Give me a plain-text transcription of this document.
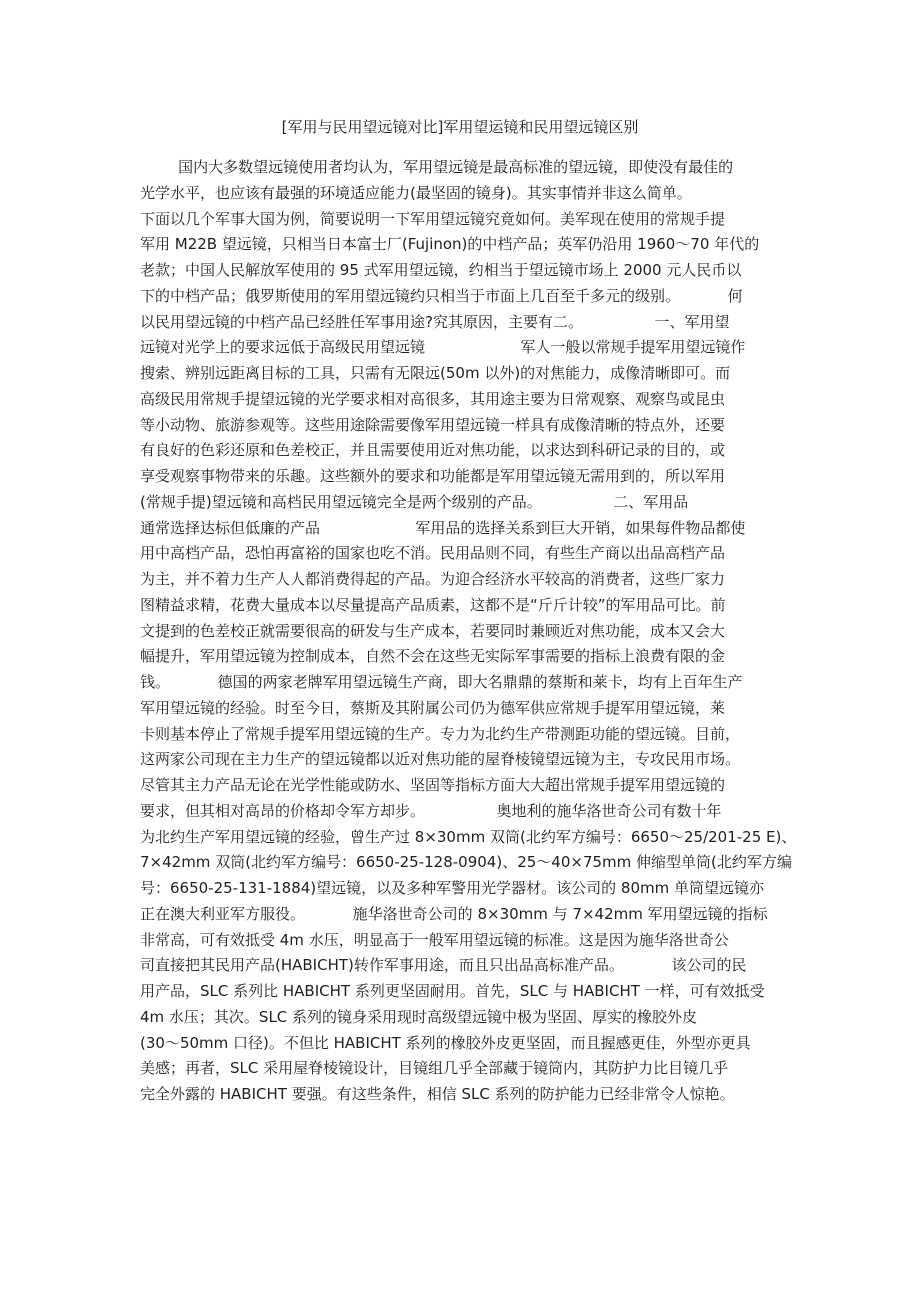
[军用与民用望远镜对比]军用望运镜和民用望远镜区别
国内大多数望远镜使用者均认为，军用望远镜是最高标准的望远镜，即使没有最佳的
光学水平，也应该有最强的环境适应能力(最坚固的镜身)。其实事情并非这么简单。
下面以几个军事大国为例，简要说明一下军用望远镜究竟如何。美军现在使用的常规手提
军用 M22B 望远镜，只相当日本富士厂(Fujinon)的中档产品；英军仍沿用 1960～70 年代的
老款；中国人民解放军使用的 95 式军用望远镜，约相当于望远镜市场上 2000 元人民币以
下的中档产品；俄罗斯使用的军用望远镜约只相当于市面上几百至千多元的级别。          何
以民用望远镜的中档产品已经胜任军事用途?究其原因，主要有二。               一、军用望
远镜对光学上的要求远低于高级民用望远镜                    军人一般以常规手提军用望远镜作
搜索、辨别远距离目标的工具，只需有无限远(50m 以外)的对焦能力，成像清晰即可。而
高级民用常规手提望远镜的光学要求相对高很多，其用途主要为日常观察、观察鸟或昆虫
等小动物、旅游参观等。这些用途除需要像军用望远镜一样具有成像清晰的特点外，还要
有良好的色彩还原和色差校正，并且需要使用近对焦功能，以求达到科研记录的目的，或
享受观察事物带来的乐趣。这些额外的要求和功能都是军用望远镜无需用到的，所以军用
(常规手提)望远镜和高档民用望远镜完全是两个级别的产品。               二、军用品
通常选择达标但低廉的产品                    军用品的选择关系到巨大开销，如果每件物品都使
用中高档产品，恐怕再富裕的国家也吃不消。民用品则不同，有些生产商以出品高档产品
为主，并不着力生产人人都消费得起的产品。为迎合经济水平较高的消费者，这些厂家力
图精益求精，花费大量成本以尽量提高产品质素，这都不是“斤斤计较”的军用品可比。前
文提到的色差校正就需要很高的研发与生产成本，若要同时兼顾近对焦功能，成本又会大
幅提升，军用望远镜为控制成本，自然不会在这些无实际军事需要的指标上浪费有限的金
钱。          德国的两家老牌军用望远镜生产商，即大名鼎鼎的蔡斯和莱卡，均有上百年生产
军用望远镜的经验。时至今日，蔡斯及其附属公司仍为德军供应常规手提军用望远镜，莱
卡则基本停止了常规手提军用望远镜的生产。专力为北约生产带测距功能的望远镜。目前，
这两家公司现在主力生产的望远镜都以近对焦功能的屋脊棱镜望远镜为主，专攻民用市场。
尽管其主力产品无论在光学性能或防水、坚固等指标方面大大超出常规手提军用望远镜的
要求，但其相对高昂的价格却令军方却步。               奥地利的施华洛世奇公司有数十年
为北约生产军用望远镜的经验，曾生产过 8×30mm 双筒(北约军方编号：6650～25/201-25 E)、
7×42mm 双筒(北约军方编号：6650-25-128-0904)、25～40×75mm 伸缩型单筒(北约军方编
号：6650-25-131-1884)望远镜，以及多种军警用光学器材。该公司的 80mm 单筒望远镜亦
正在澳大利亚军方服役。          施华洛世奇公司的 8×30mm 与 7×42mm 军用望远镜的指标
非常高，可有效抵受 4m 水压，明显高于一般军用望远镜的标准。这是因为施华洛世奇公
司直接把其民用产品(HABICHT)转作军事用途，而且只出品高标准产品。          该公司的民
用产品，SLC 系列比 HABICHT 系列更坚固耐用。首先，SLC 与 HABICHT 一样，可有效抵受
4m 水压；其次。SLC 系列的镜身采用现时高级望远镜中极为坚固、厚实的橡胶外皮
(30～50mm 口径)。不但比 HABICHT 系列的橡胶外皮更坚固，而且握感更佳，外型亦更具
美感；再者，SLC 采用屋脊棱镜设计，目镜组几乎全部藏于镜筒内，其防护力比目镜几乎
完全外露的 HABICHT 要强。有这些条件，相信 SLC 系列的防护能力已经非常令人惊艳。
